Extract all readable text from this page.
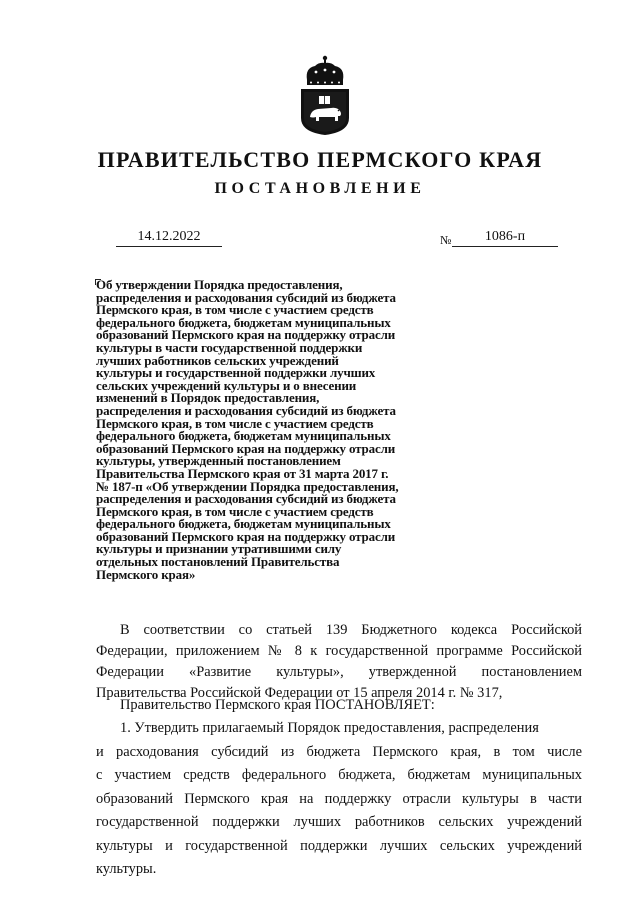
ПРАВИТЕЛЬСТВО ПЕРМСКОГО КРАЯ
ПОСТАНОВЛЕНИЕ
14.12.2022	№	1086-п

Об утверждении Порядка предоставления,
распределения и расходования субсидий из бюджета
Пермского края, в том числе с участием средств
федерального бюджета, бюджетам муниципальных
образований Пермского края на поддержку отрасли
культуры в части государственной поддержки
лучших работников сельских учреждений
культуры и государственной поддержки лучших
сельских учреждений культуры и о внесении
изменений в Порядок предоставления,
распределения и расходования субсидий из бюджета
Пермского края, в том числе с участием средств
федерального бюджета, бюджетам муниципальных
образований Пермского края на поддержку отрасли
культуры, утвержденный постановлением
Правительства Пермского края от 31 марта 2017 г.
№ 187-п «Об утверждении Порядка предоставления,
распределения и расходования субсидий из бюджета
Пермского края, в том числе с участием средств
федерального бюджета, бюджетам муниципальных
образований Пермского края на поддержку отрасли
культуры и признании утратившими силу
отдельных постановлений Правительства
Пермского края»

В соответствии со статьей 139 Бюджетного кодекса Российской
Федерации, приложением № 8 к государственной программе Российской
Федерации «Развитие культуры», утвержденной постановлением
Правительства Российской Федерации от 15 апреля 2014 г. № 317,

Правительство Пермского края ПОСТАНОВЛЯЕТ:

1. Утвердить прилагаемый Порядок предоставления, распределения
и расходования субсидий из бюджета Пермского края, в том числе
с участием средств федерального бюджета, бюджетам муниципальных
образований Пермского края на поддержку отрасли культуры в части
государственной поддержки лучших работников сельских учреждений
культуры и государственной поддержки лучших сельских учреждений
культуры.
